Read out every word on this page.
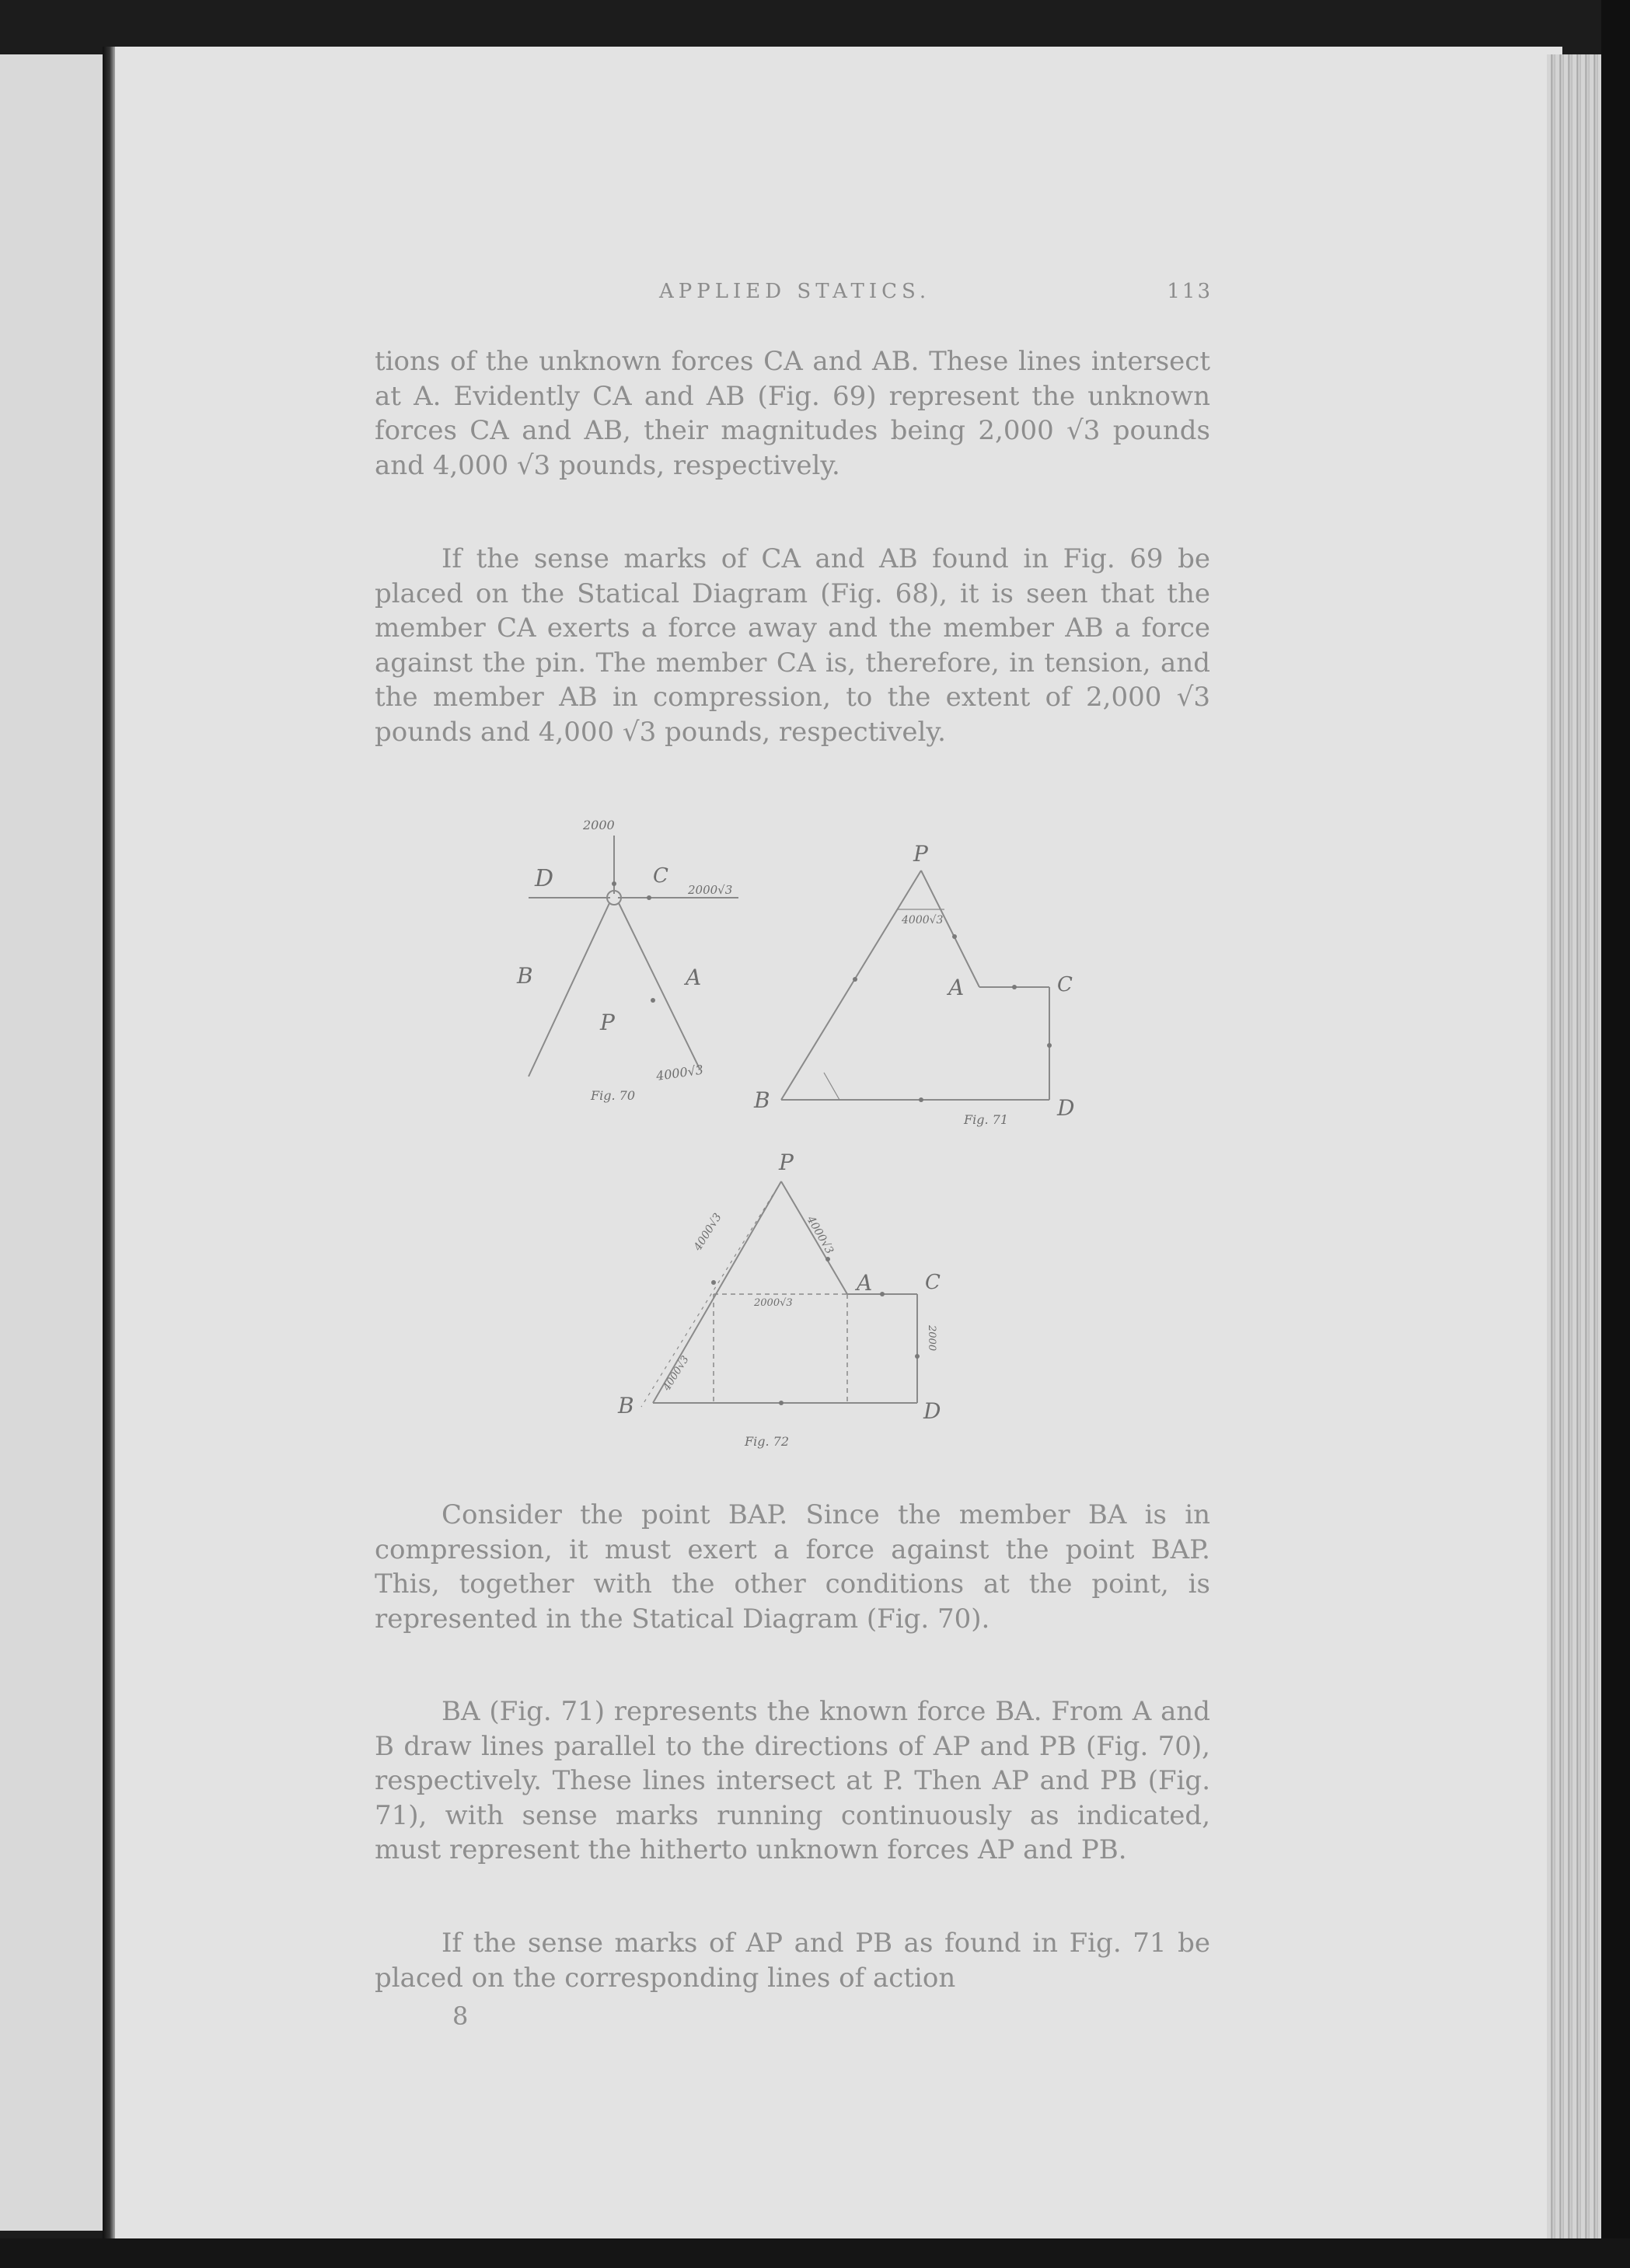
APPLIED STATICS.	113

tions of the unknown forces CA and AB. These lines intersect at A. Evidently CA and AB (Fig. 69) represent the unknown forces CA and AB, their magnitudes being 2,000 √3 pounds and 4,000 √3 pounds, respectively.

If the sense marks of CA and AB found in Fig. 69 be placed on the Statical Diagram (Fig. 68), it is seen that the member CA exerts a force away and the member AB a force against the pin. The member CA is, therefore, in tension, and the member AB in compression, to the extent of 2,000 √3 pounds and 4,000 √3 pounds, respectively.

2000
2000√3
4000√3
D	C
B	A
P
Fig. 70
4000√3
P
A	C
B	D
Fig. 71
4000√3	4000√3
2000√3
2000
4000√3
P
A	C
B	D
Fig. 72

Consider the point BAP. Since the member BA is in compression, it must exert a force against the point BAP. This, together with the other conditions at the point, is represented in the Statical Diagram (Fig. 70).

BA (Fig. 71) represents the known force BA. From A and B draw lines parallel to the directions of AP and PB (Fig. 70), respectively. These lines intersect at P. Then AP and PB (Fig. 71), with sense marks running continuously as indicated, must represent the hitherto unknown forces AP and PB.

If the sense marks of AP and PB as found in Fig. 71 be placed on the corresponding lines of action

8
